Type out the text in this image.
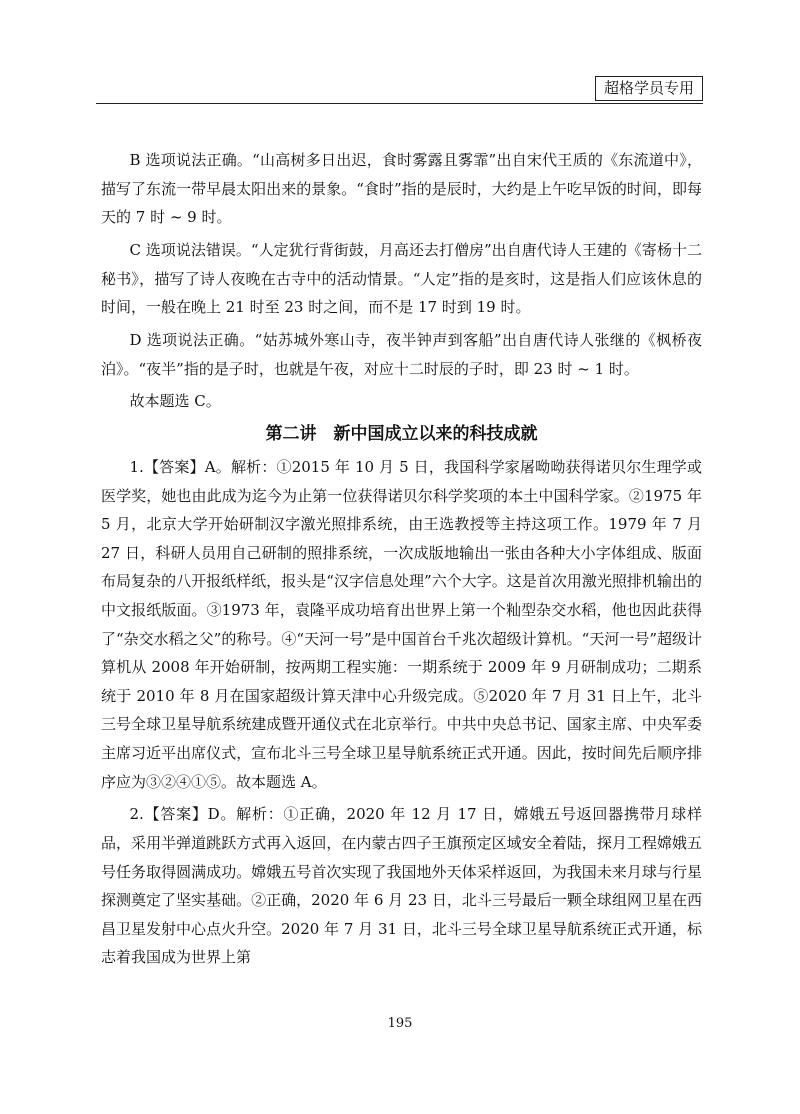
超格学员专用

B 选项说法正确。“山高树多日出迟，食时雾露且雾霏”出自宋代王质的《东流道中》，描写了东流一带早晨太阳出来的景象。“食时”指的是辰时，大约是上午吃早饭的时间，即每天的 7 时 ~ 9 时。

C 选项说法错误。“人定犹行背街鼓，月高还去打僧房”出自唐代诗人王建的《寄杨十二秘书》，描写了诗人夜晚在古寺中的活动情景。“人定”指的是亥时，这是指人们应该休息的时间，一般在晚上 21 时至 23 时之间，而不是 17 时到 19 时。

D 选项说法正确。“姑苏城外寒山寺，夜半钟声到客船”出自唐代诗人张继的《枫桥夜泊》。“夜半”指的是子时，也就是午夜，对应十二时辰的子时，即 23 时 ~ 1 时。

故本题选 C。

第二讲　新中国成立以来的科技成就

1.【答案】A。解析：①2015 年 10 月 5 日，我国科学家屠呦呦获得诺贝尔生理学或医学奖，她也由此成为迄今为止第一位获得诺贝尔科学奖项的本土中国科学家。②1975 年 5 月，北京大学开始研制汉字激光照排系统，由王选教授等主持这项工作。1979 年 7 月 27 日，科研人员用自己研制的照排系统，一次成版地输出一张由各种大小字体组成、版面布局复杂的八开报纸样纸，报头是“汉字信息处理”六个大字。这是首次用激光照排机输出的中文报纸版面。③1973 年，袁隆平成功培育出世界上第一个籼型杂交水稻，他也因此获得了“杂交水稻之父”的称号。④“天河一号”是中国首台千兆次超级计算机。“天河一号”超级计算机从 2008 年开始研制，按两期工程实施：一期系统于 2009 年 9 月研制成功；二期系统于 2010 年 8 月在国家超级计算天津中心升级完成。⑤2020 年 7 月 31 日上午，北斗三号全球卫星导航系统建成暨开通仪式在北京举行。中共中央总书记、国家主席、中央军委主席习近平出席仪式，宣布北斗三号全球卫星导航系统正式开通。因此，按时间先后顺序排序应为③②④①⑤。故本题选 A。

2.【答案】D。解析：①正确，2020 年 12 月 17 日，嫦娥五号返回器携带月球样品，采用半弹道跳跃方式再入返回，在内蒙古四子王旗预定区域安全着陆，探月工程嫦娥五号任务取得圆满成功。嫦娥五号首次实现了我国地外天体采样返回，为我国未来月球与行星探测奠定了坚实基础。②正确，2020 年 6 月 23 日，北斗三号最后一颗全球组网卫星在西昌卫星发射中心点火升空。2020 年 7 月 31 日，北斗三号全球卫星导航系统正式开通，标志着我国成为世界上第

195
